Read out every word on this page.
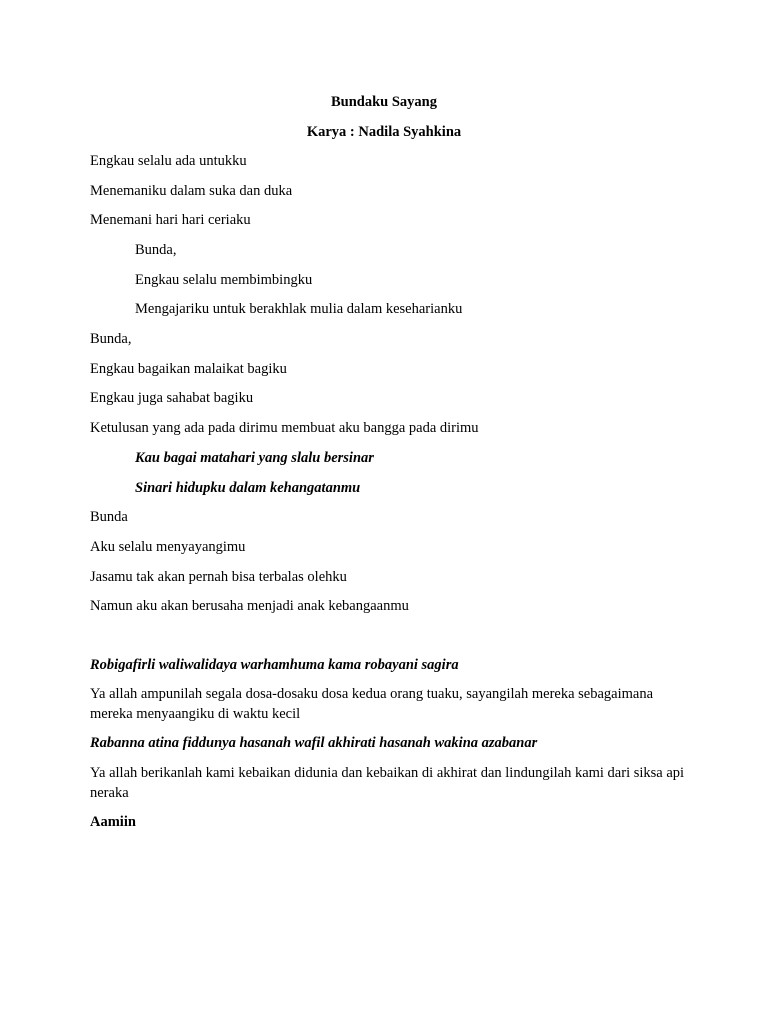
Bundaku Sayang
Karya : Nadila Syahkina
Engkau selalu ada untukku
Menemaniku dalam suka dan duka
Menemani hari hari ceriaku
Bunda,
Engkau selalu membimbingku
Mengajariku untuk berakhlak mulia dalam keseharianku
Bunda,
Engkau bagaikan malaikat bagiku
Engkau juga sahabat bagiku
Ketulusan yang ada pada dirimu membuat aku bangga pada dirimu
Kau bagai matahari yang slalu bersinar
Sinari hidupku dalam kehangatanmu
Bunda
Aku selalu menyayangimu
Jasamu tak akan pernah bisa terbalas olehku
Namun aku akan berusaha menjadi anak kebangaanmu
Robigafirli waliwalidaya warhamhuma kama robayani sagira
Ya allah ampunilah segala dosa-dosaku dosa kedua orang tuaku, sayangilah mereka sebagaimana mereka menyaangiku di waktu kecil
Rabanna atina fiddunya hasanah wafil akhirati hasanah wakina azabanar
Ya allah berikanlah kami kebaikan didunia dan kebaikan di akhirat dan lindungilah kami dari siksa api neraka
Aamiin
